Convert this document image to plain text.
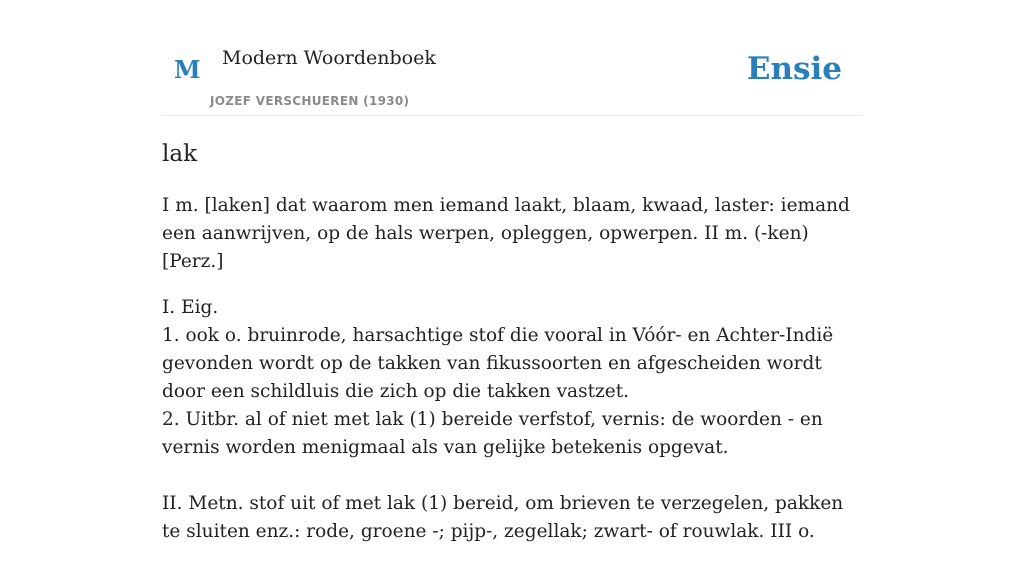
M Modern Woordenboek
JOZEF VERSCHUEREN (1930)
Ensie
lak

I m. [laken] dat waarom men iemand laakt, blaam, kwaad, laster: iemand een aanwrijven, op de hals werpen, opleggen, opwerpen. II m. (-ken) [Perz.]

I. Eig.
1. ook o. bruinrode, harsachtige stof die vooral in Vóór- en Achter-Indië gevonden wordt op de takken van fikussoorten en afgescheiden wordt door een schildluis die zich op die takken vastzet.
2. Uitbr. al of niet met lak (1) bereide verfstof, vernis: de woorden - en vernis worden menigmaal als van gelijke betekenis opgevat.

II. Metn. stof uit of met lak (1) bereid, om brieven te verzegelen, pakken te sluiten enz.: rode, groene -; pijp-, zegellak; zwart- of rouwlak. III o.
